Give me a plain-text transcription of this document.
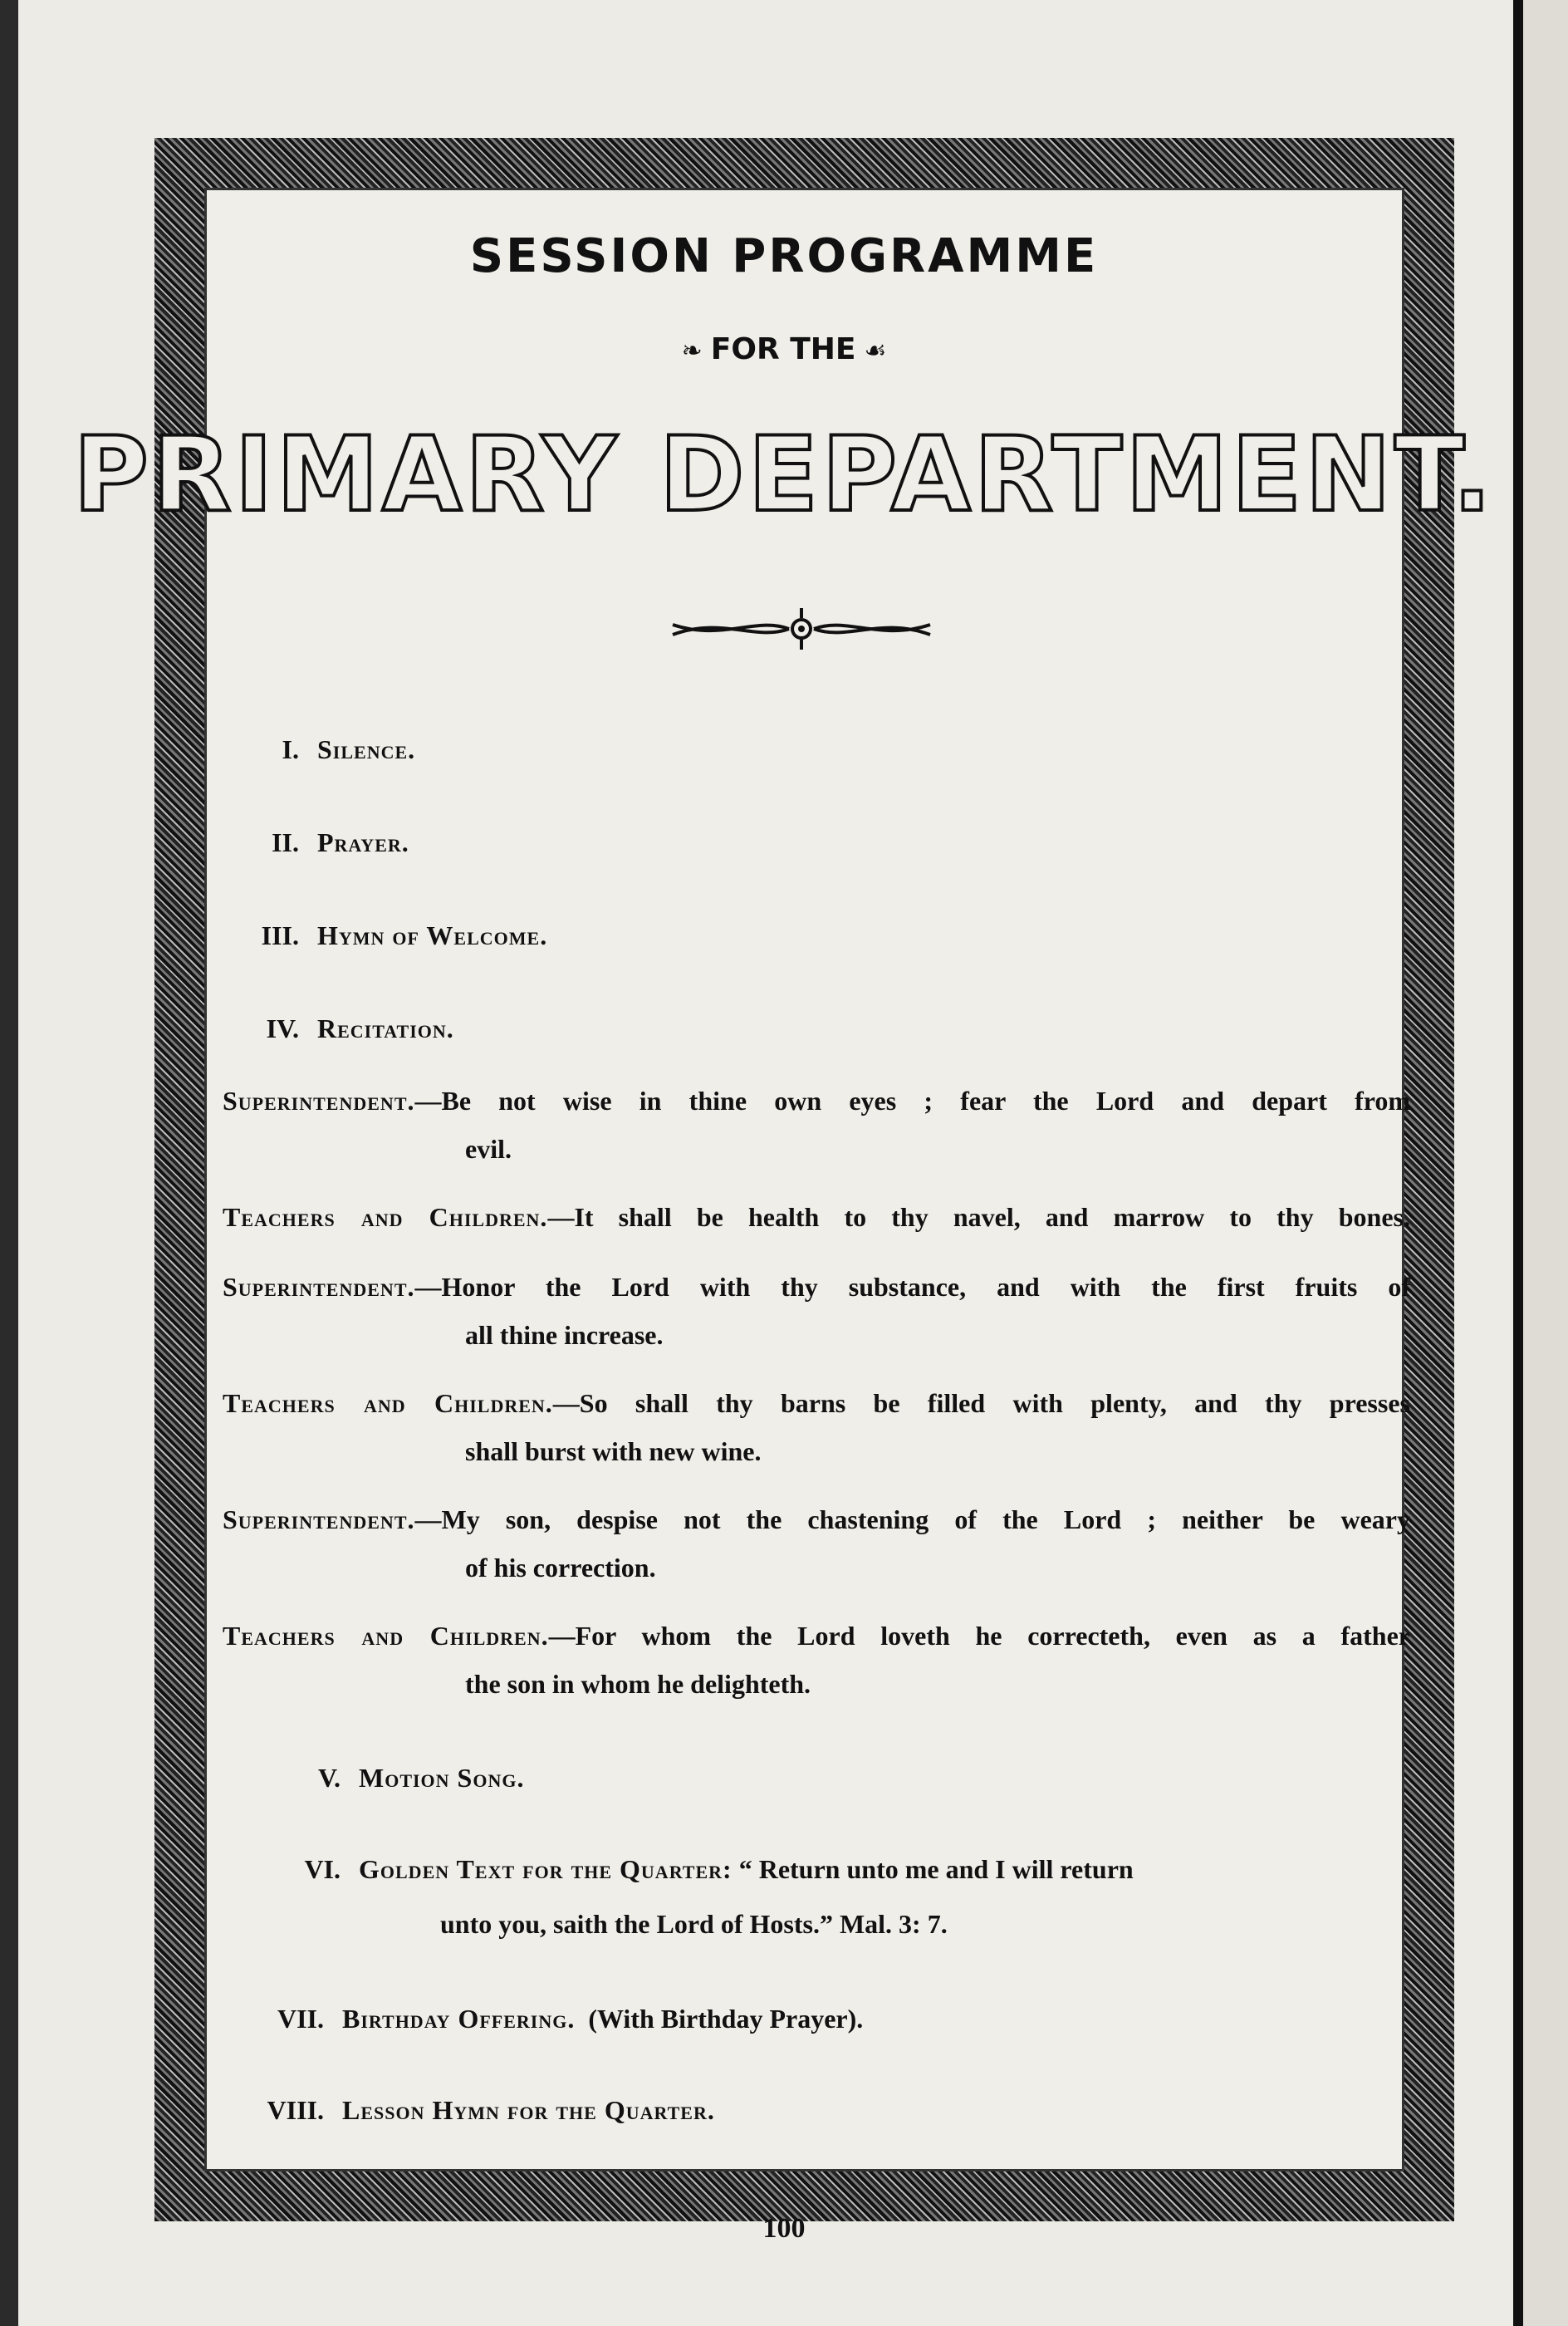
SESSION PROGRAMME
❧ FOR THE ☙
PRIMARY DEPARTMENT.
I. Silence.
II. Prayer.
III. Hymn of Welcome.
IV. Recitation.
Superintendent.—Be not wise in thine own eyes ; fear the Lord and depart from
evil.
Teachers and Children.—It shall be health to thy navel, and marrow to thy bones.
Superintendent.—Honor the Lord with thy substance, and with the first fruits of
all thine increase.
Teachers and Children.—So shall thy barns be filled with plenty, and thy presses
shall burst with new wine.
Superintendent.—My son, despise not the chastening of the Lord ; neither be weary
of his correction.
Teachers and Children.—For whom the Lord loveth he correcteth, even as a father
the son in whom he delighteth.
V. Motion Song.
VI. Golden Text for the Quarter: “ Return unto me and I will return
unto you, saith the Lord of Hosts.” Mal. 3: 7.
VII. Birthday Offering. (With Birthday Prayer).
VIII. Lesson Hymn for the Quarter.
100
